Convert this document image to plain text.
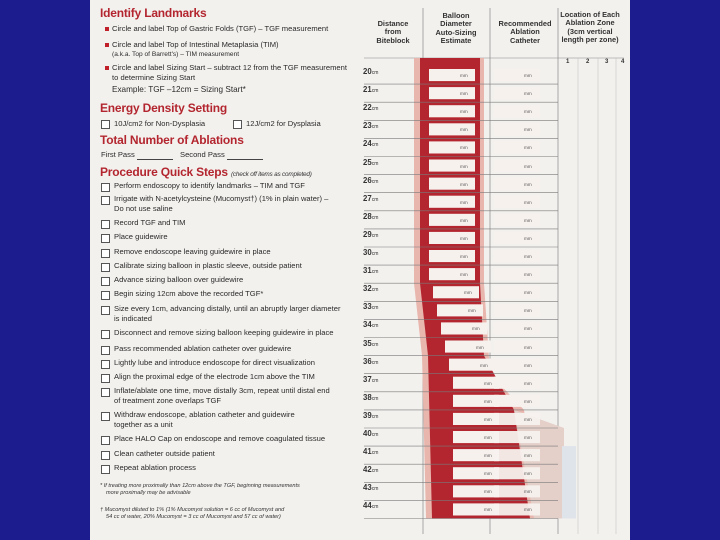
Identify Landmarks
Circle and label Top of Gastric Folds (TGF) – TGF measurement
Circle and label Top of Intestinal Metaplasia (TIM)
(a.k.a. Top of Barrett's) – TIM measurement
Circle and label Sizing Start – subtract 12 from the TGF measurement
to determine Sizing Start
Example: TGF –12cm = Sizing Start*
Energy Density Setting
10J/cm2 for Non-Dysplasia	12J/cm2 for Dysplasia
Total Number of Ablations
First Pass	Second Pass
Procedure Quick Steps (check off items as completed)
Perform endoscopy to identify landmarks – TIM and TGF
Irrigate with N-acetylcysteine (Mucomyst†) (1% in plain water) –
Do not use saline
Record TGF and TIM
Place guidewire
Remove endoscope leaving guidewire in place
Calibrate sizing balloon in plastic sleeve, outside patient
Advance sizing balloon over guidewire
Begin sizing 12cm above the recorded TGF*
Size every 1cm, advancing distally, until an abruptly larger diameter
is indicated
Disconnect and remove sizing balloon keeping guidewire in place
Pass recommended ablation catheter over guidewire
Lightly lube and introduce endoscope for direct visualization
Align the proximal edge of the electrode 1cm above the TIM
Inflate/ablate one time, move distally 3cm, repeat until distal end
of treatment zone overlaps TGF
Withdraw endoscope, ablation catheter and guidewire
together as a unit
Place HALO Cap on endoscope and remove coagulated tissue
Clean catheter outside patient
Repeat ablation process
* If treating more proximally than 12cm above the TGF, beginning measurements
more proximally may be advisable
† Mucomyst diluted to 1% (1% Mucomyst solution = 6 cc of Mucomyst and
54 cc of water, 20% Mucomyst = 3 cc of Mucomyst and 57 cc of water)
Distance
from
Biteblock
Balloon
Diameter
Auto-Sizing
Estimate
Recommended
Ablation
Catheter
Location of Each
Ablation Zone
(3cm vertical
length per zone)
1	2	3 4
20cm	mm	mm
21cm	mm	mm
22cm	mm	mm
23cm	mm	mm
24cm	mm	mm
25cm	mm	mm
26cm	mm	mm
27cm	mm	mm
28cm	mm	mm
29cm	mm	mm
30cm	mm	mm
31cm	mm	mm
32cm	mm	mm
33cm	mm	mm
34cm	mm	mm
35cm	mm	mm
36cm	mm	mm
37cm	mm	mm
38cm	mm	mm
39cm	mm	mm
40cm	mm	mm
41cm	mm	mm
42cm	mm	mm
43cm	mm	mm
44cm	mm	mm
